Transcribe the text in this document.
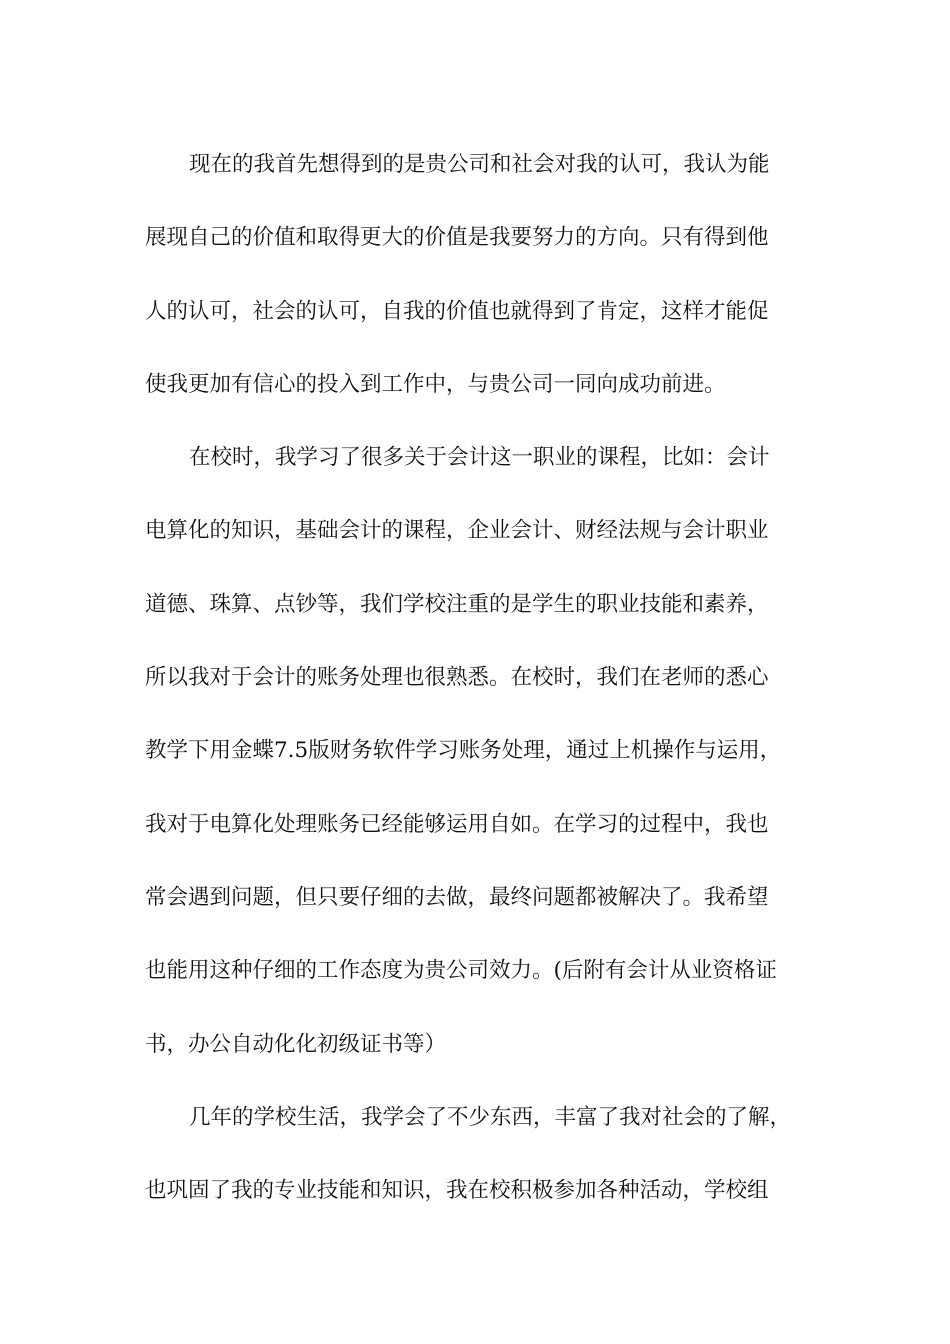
现在的我首先想得到的是贵公司和社会对我的认可，我认为能
展现自己的价值和取得更大的价值是我要努力的方向。只有得到他
人的认可，社会的认可，自我的价值也就得到了肯定，这样才能促
使我更加有信心的投入到工作中，与贵公司一同向成功前进。
在校时，我学习了很多关于会计这一职业的课程，比如：会计
电算化的知识，基础会计的课程，企业会计、财经法规与会计职业
道德、珠算、点钞等，我们学校注重的是学生的职业技能和素养，
所以我对于会计的账务处理也很熟悉。在校时，我们在老师的悉心
教学下用金蝶7.5版财务软件学习账务处理，通过上机操作与运用，
我对于电算化处理账务已经能够运用自如。在学习的过程中，我也
常会遇到问题，但只要仔细的去做，最终问题都被解决了。我希望
也能用这种仔细的工作态度为贵公司效力。(后附有会计从业资格证
书，办公自动化化初级证书等）
几年的学校生活，我学会了不少东西，丰富了我对社会的了解，
也巩固了我的专业技能和知识，我在校积极参加各种活动，学校组
